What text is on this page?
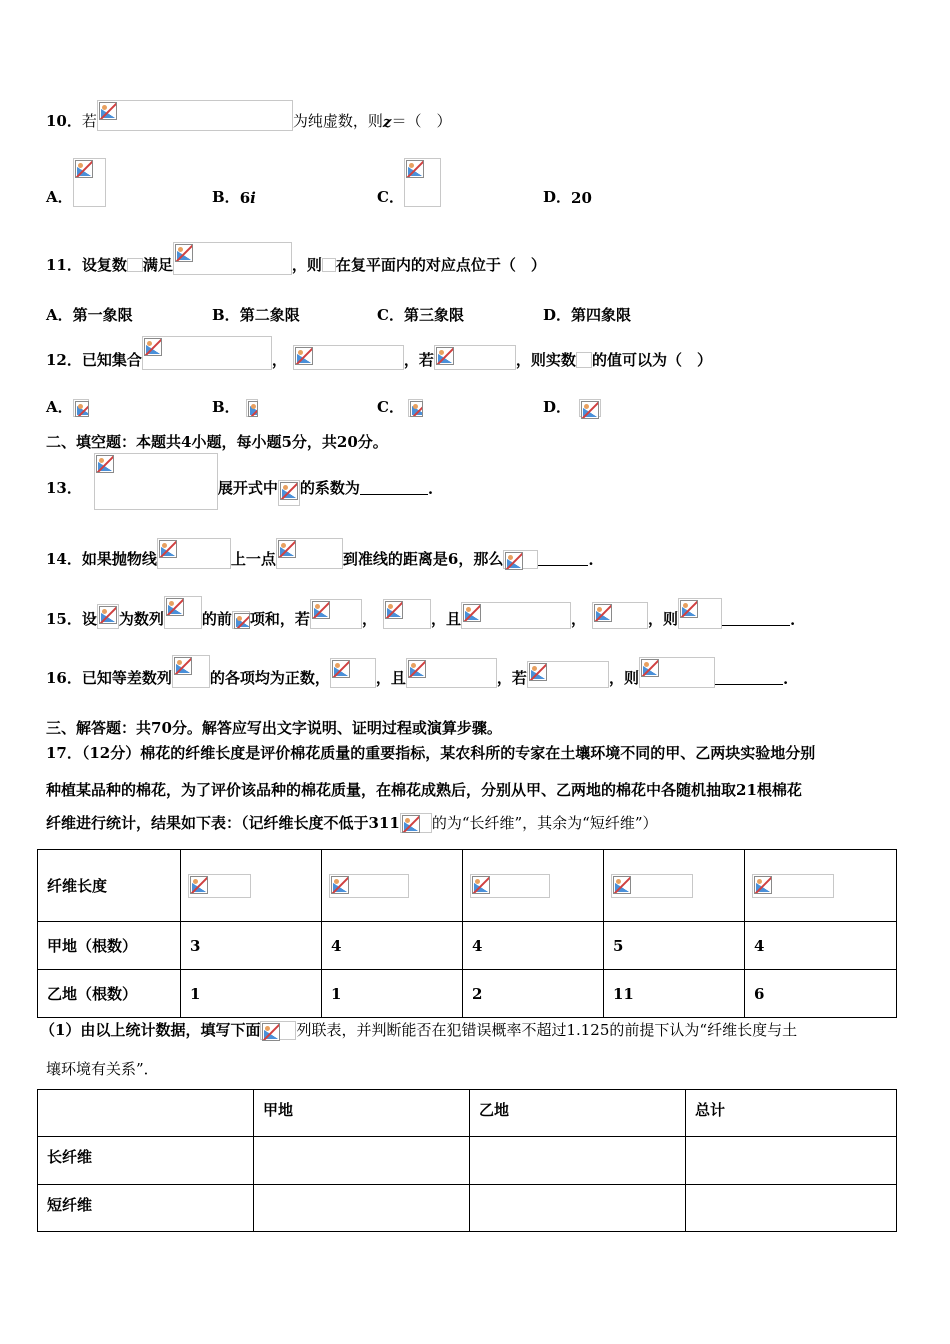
10． 若	为纯虚数，则 z ＝（　）
A．	B． 6 i	C．	D． 20
11． 设复数 满足	，则 在复平面内的对应点位于（　）
A． 第一象限	B． 第二象限	C． 第三象限	D． 第四象限
12． 已知集合	，	，若	，则实数 的值可以为（　）
A．	B．	C．	D．
二、填空题：本题共4小题，每小题5分，共20分。
13．	展开式中 的系数为	.
14． 如果抛物线	上一点	到准线的距离是6，那么	.
15． 设 为数列	的前 项和，若	，	，且	，	，则	.
16． 已知等差数列	的各项均为正数，	，且	，若	，则	.
三、解答题：共70分。解答应写出文字说明、证明过程或演算步骤。
17．（12分）棉花的纤维长度是评价棉花质量的重要指标，某农科所的专家在土壤环境不同的甲、乙两块实验地分别
种植某品种的棉花，为了评价该品种的棉花质量，在棉花成熟后，分别从甲、乙两地的棉花中各随机抽取21根棉花
纤维进行统计，结果如下表：（记纤维长度不低于311 的为“长纤维”，其余为“短纤维”）
纤维长度	

甲地（根数）	3	4	4	5	4
乙地（根数）	1	1	2	11	6
（1）由以上统计数据，填写下面 列联表，并判断能否在犯错误概率不超过1.125的前提下认为“纤维长度与土
壤环境有关系”．
	甲地	乙地	总计
长纤维			
短纤维			
